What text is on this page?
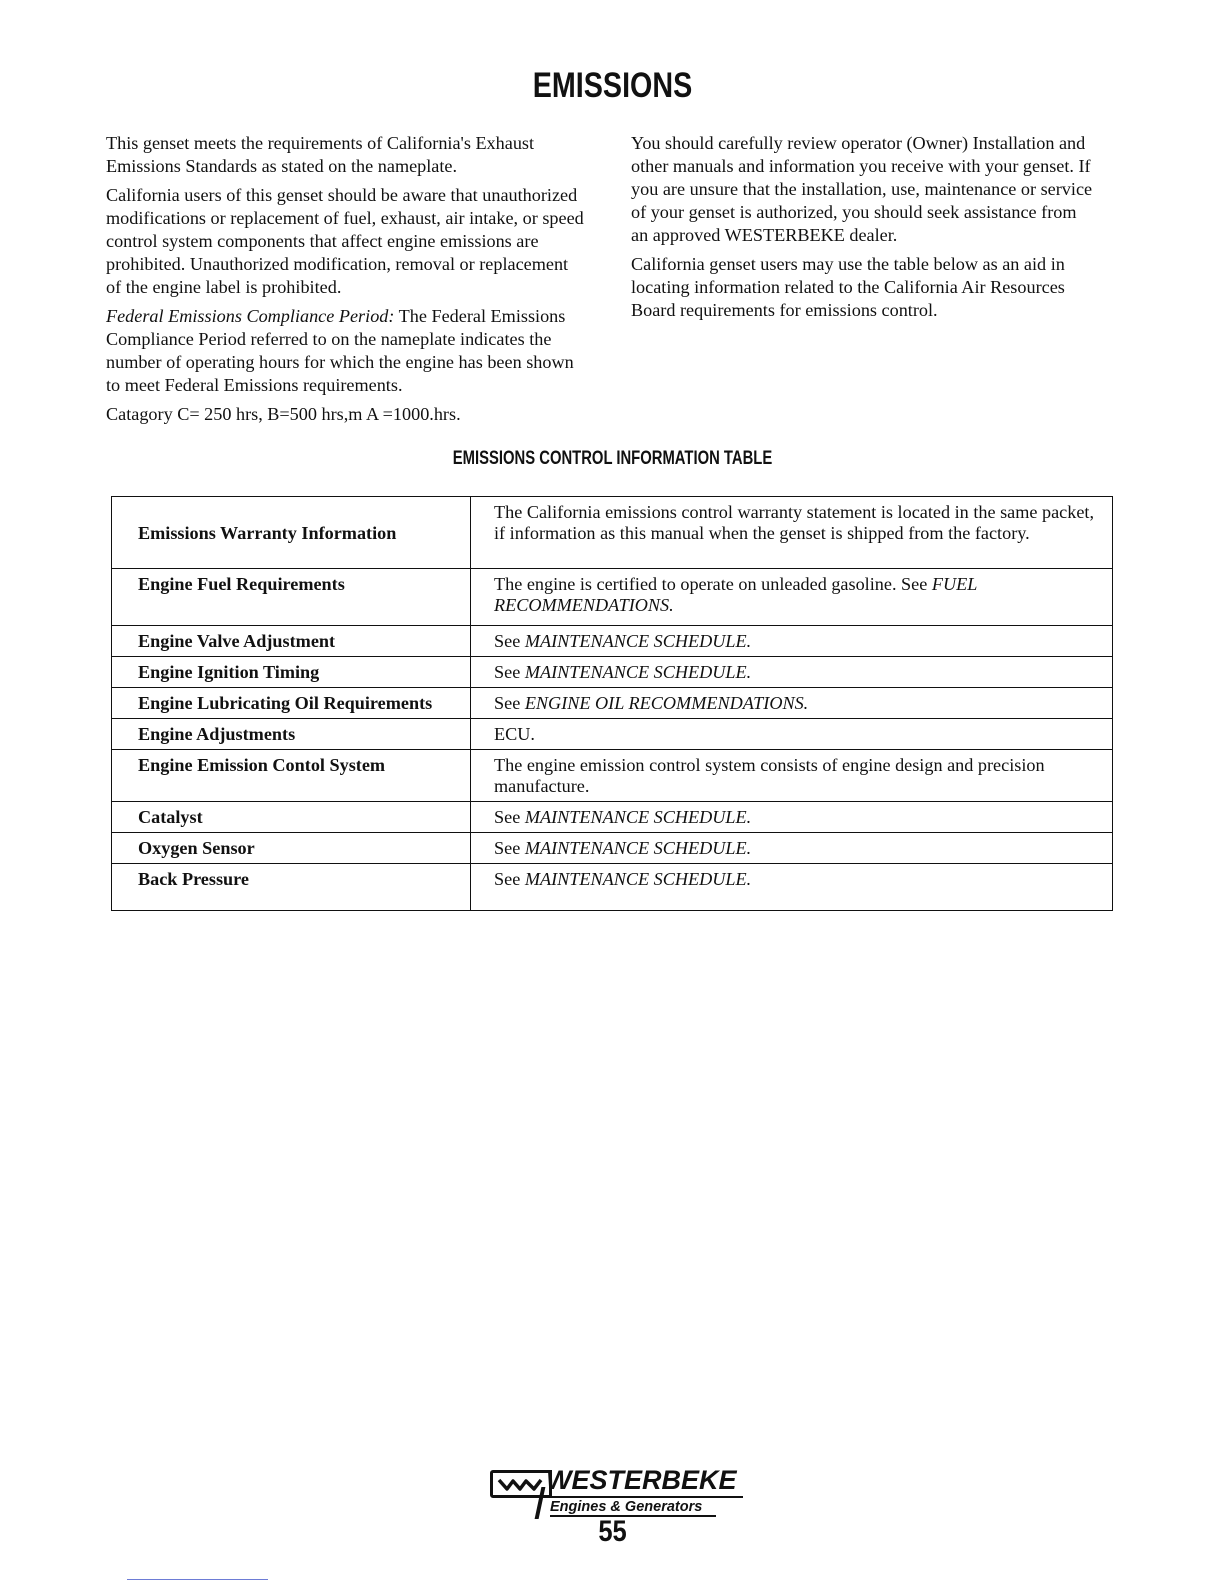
EMISSIONS

This genset meets the requirements of California's Exhaust Emissions Standards as stated on the nameplate.

California users of this genset should be aware that unauthorized modifications or replacement of fuel, exhaust, air intake, or speed control system components that affect engine emissions are prohibited. Unauthorized modification, removal or replacement of the engine label is prohibited.

Federal Emissions Compliance Period: The Federal Emissions Compliance Period referred to on the nameplate indicates the number of operating hours for which the engine has been shown to meet Federal Emissions requirements.

Catagory C= 250 hrs, B=500 hrs,m A =1000.hrs.

You should carefully review operator (Owner) Installation and other manuals and information you receive with your genset. If you are unsure that the installation, use, maintenance or service of your genset is authorized, you should seek assistance from an approved WESTERBEKE dealer.

California genset users may use the table below as an aid in locating information related to the California Air Resources Board requirements for emissions control.

EMISSIONS CONTROL INFORMATION TABLE
Emissions Warranty Information	The California emissions control warranty statement is located in the same packet, if information as this manual when the genset is shipped from the factory.
Engine Fuel Requirements	The engine is certified to operate on unleaded gasoline. See FUEL RECOMMENDATIONS.
Engine Valve Adjustment	See MAINTENANCE SCHEDULE.
Engine Ignition Timing	See MAINTENANCE SCHEDULE.
Engine Lubricating Oil Requirements	See ENGINE OIL RECOMMENDATIONS.
Engine Adjustments	ECU.
Engine Emission Contol System	The engine emission control system consists of engine design and precision manufacture.
Catalyst	See MAINTENANCE SCHEDULE.
Oxygen Sensor	See MAINTENANCE SCHEDULE.
Back Pressure	See MAINTENANCE SCHEDULE.
WESTERBEKE
Engines & Generators
55
